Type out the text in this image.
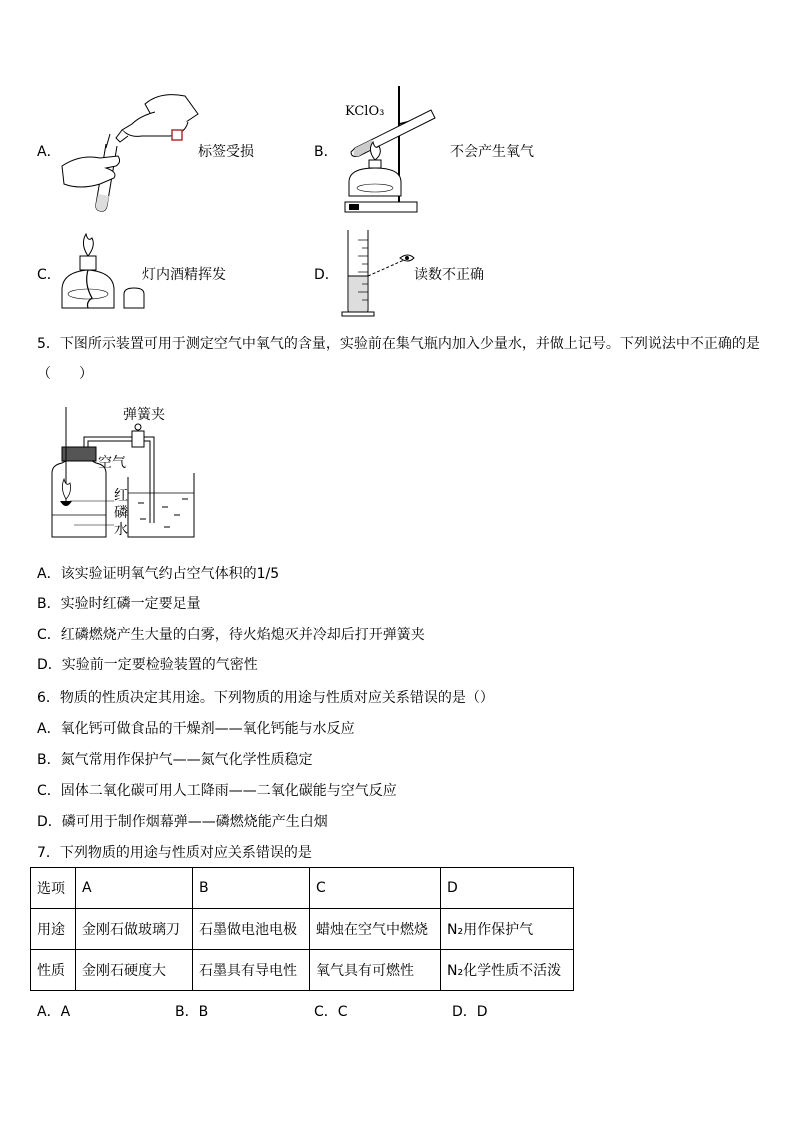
A．	标签受损	B．
KClO₃
不会产生氧气
C．	灯内酒精挥发	D．	读数不正确
5．下图所示装置可用于测定空气中氧气的含量，实验前在集气瓶内加入少量水，并做上记号。下列说法中不正确的是
（　　）
弹簧夹
空气
红
磷
水
A．该实验证明氧气约占空气体积的1/5
B．实验时红磷一定要足量
C．红磷燃烧产生大量的白雾，待火焰熄灭并冷却后打开弹簧夹
D．实验前一定要检验装置的气密性
6．物质的性质决定其用途。下列物质的用途与性质对应关系错误的是（）
A．氧化钙可做食品的干燥剂——氧化钙能与水反应
B．氮气常用作保护气——氮气化学性质稳定
C．固体二氧化碳可用人工降雨——二氧化碳能与空气反应
D．磷可用于制作烟幕弹——磷燃烧能产生白烟
7．下列物质的用途与性质对应关系错误的是
选项	A	B	C	D
用途	金刚石做玻璃刀	石墨做电池电极	蜡烛在空气中燃烧	N₂用作保护气
性质	金刚石硬度大	石墨具有导电性	氧气具有可燃性	N₂化学性质不活泼
A．A	B．B	C．C	D．D
